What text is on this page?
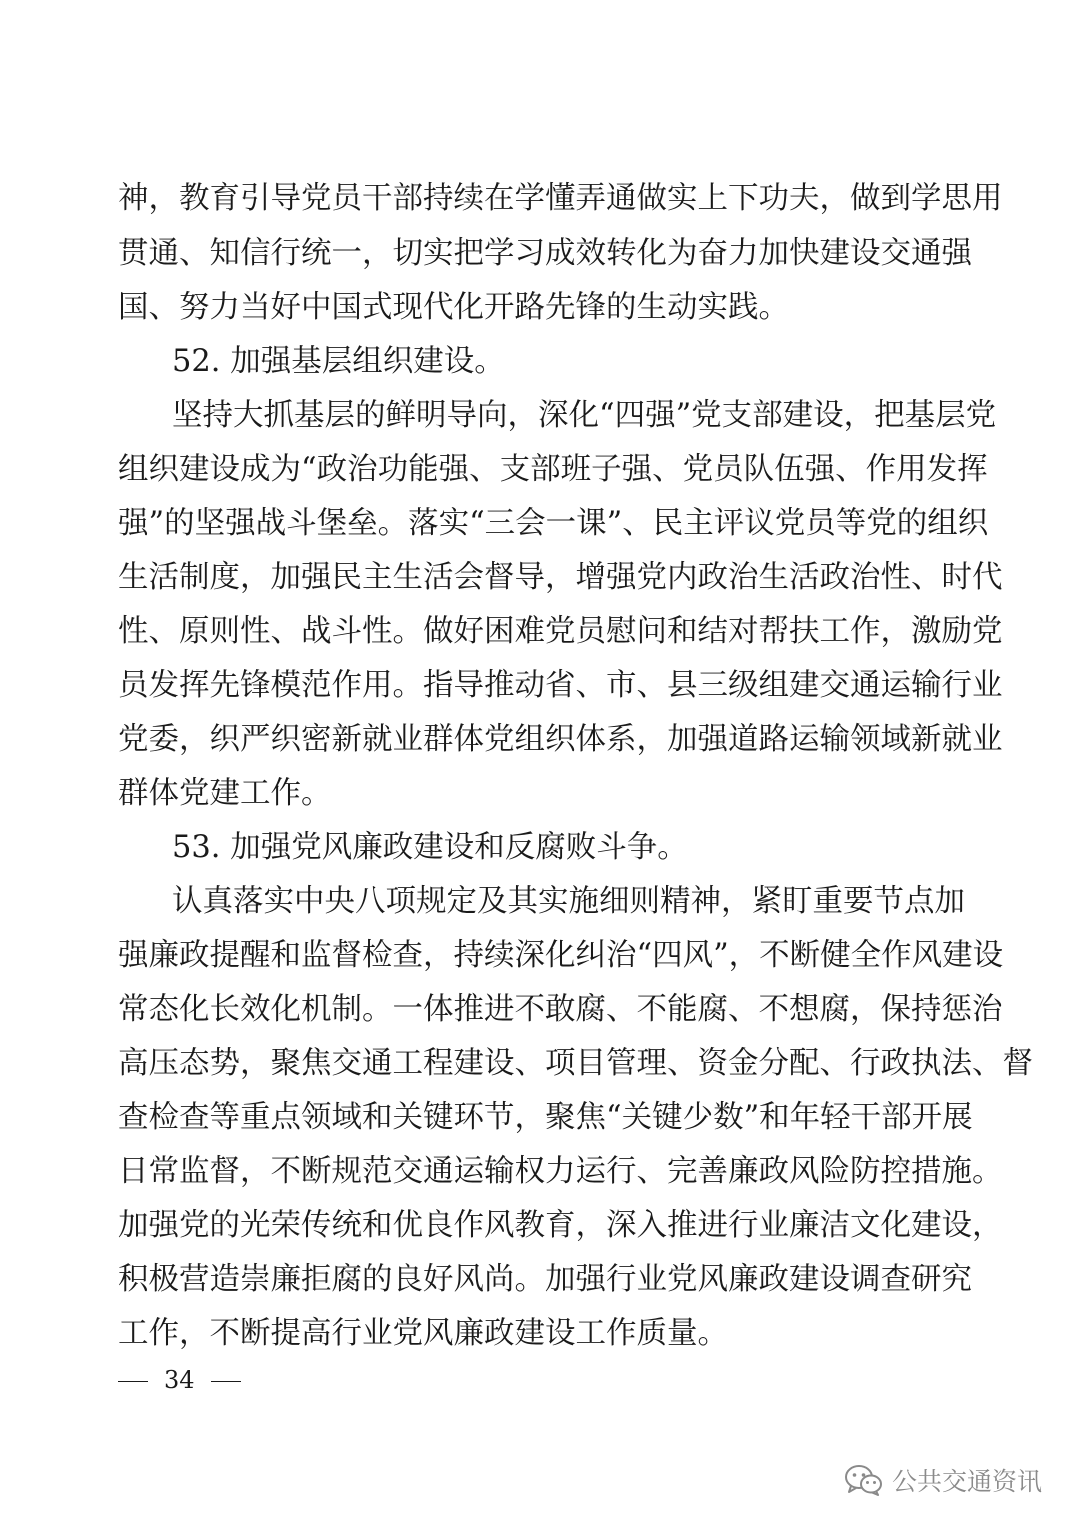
神，教育引导党员干部持续在学懂弄通做实上下功夫，做到学思用
贯通、知信行统一，切实把学习成效转化为奋力加快建设交通强
国、努力当好中国式现代化开路先锋的生动实践。
52. 加强基层组织建设。
坚持大抓基层的鲜明导向，深化“四强”党支部建设，把基层党
组织建设成为“政治功能强、支部班子强、党员队伍强、作用发挥
强”的坚强战斗堡垒。落实“三会一课”、民主评议党员等党的组织
生活制度，加强民主生活会督导，增强党内政治生活政治性、时代
性、原则性、战斗性。做好困难党员慰问和结对帮扶工作，激励党
员发挥先锋模范作用。指导推动省、市、县三级组建交通运输行业
党委，织严织密新就业群体党组织体系，加强道路运输领域新就业
群体党建工作。
53. 加强党风廉政建设和反腐败斗争。
认真落实中央八项规定及其实施细则精神，紧盯重要节点加
强廉政提醒和监督检查，持续深化纠治“四风”，不断健全作风建设
常态化长效化机制。一体推进不敢腐、不能腐、不想腐，保持惩治
高压态势，聚焦交通工程建设、项目管理、资金分配、行政执法、督
查检查等重点领域和关键环节，聚焦“关键少数”和年轻干部开展
日常监督，不断规范交通运输权力运行、完善廉政风险防控措施。
加强党的光荣传统和优良作风教育，深入推进行业廉洁文化建设，
积极营造崇廉拒腐的良好风尚。加强行业党风廉政建设调查研究
工作，不断提高行业党风廉政建设工作质量。
34
公共交通资讯
